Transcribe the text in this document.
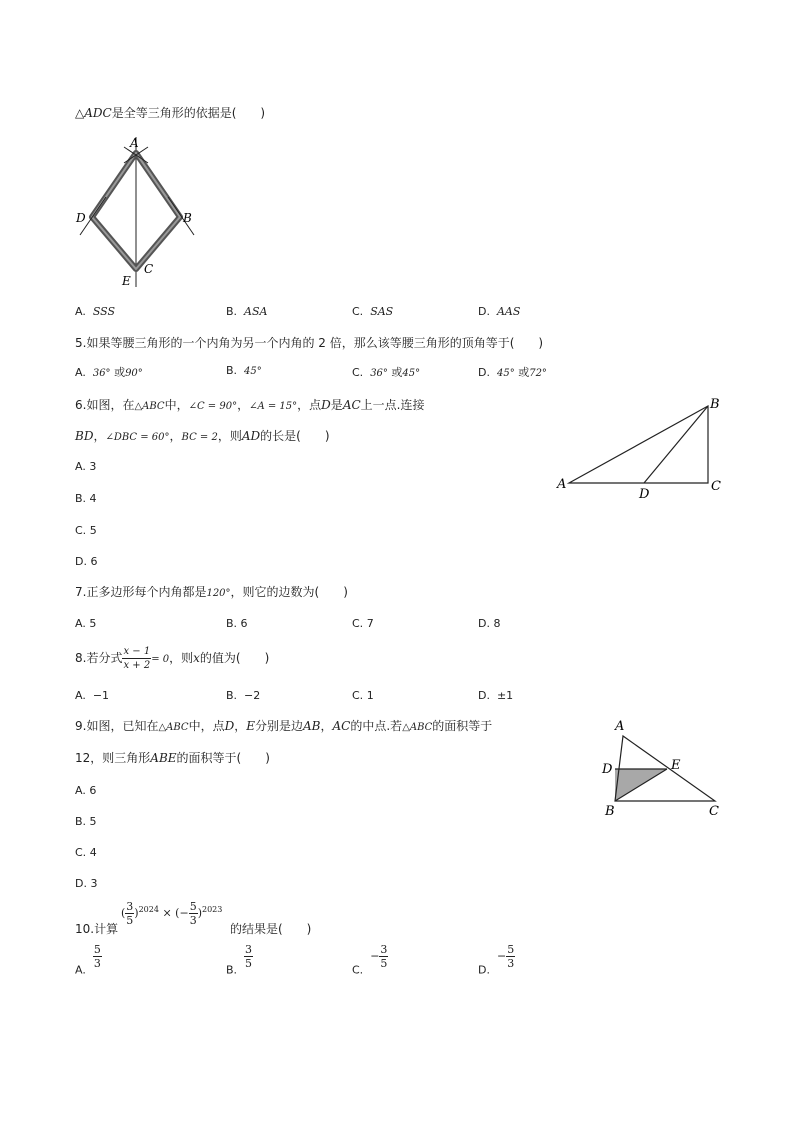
△ADC是全等三角形的依据是(　　)
A
B
C
D
E
A. SSS	B. ASA	C. SAS	D. AAS
5.如果等腰三角形的一个内角为另一个内角的 2 倍，那么该等腰三角形的顶角等于(　　)
A. 36° 或90°	B. 45°	C. 36° 或45°	D. 45° 或72°
6.如图，在△ABC中，∠C = 90°，∠A = 15°，点D是AC上一点.连接
BD，∠DBC = 60°，BC = 2，则AD的长是(　　)
A
B
C
D
A. 3
B. 4
C. 5
D. 6
7.正多边形每个内角都是120°，则它的边数为(　　)
A. 5	B. 6	C. 7	D. 8
8.若分式 $\frac{x - 1}{x + 2} = 0$，则x的值为(　　)
A. −1	B. −2	C. 1	D. ±1
9.如图，已知在△ABC中，点D，E分别是边AB，AC的中点.若△ABC的面积等于
12，则三角形ABE的面积等于(　　)
A
B	C
D	E
A. 6
B. 5
C. 4
D. 3
10.计算
( $\frac{3}{5} )^{2024}$ × (− $\frac{5}{3} )^{2023}$
的结果是(　　)
A. $\frac{5}{3}$	B. $\frac{3}{5}$	C.  − $\frac{3}{5}$	D.  − $\frac{5}{3}$
